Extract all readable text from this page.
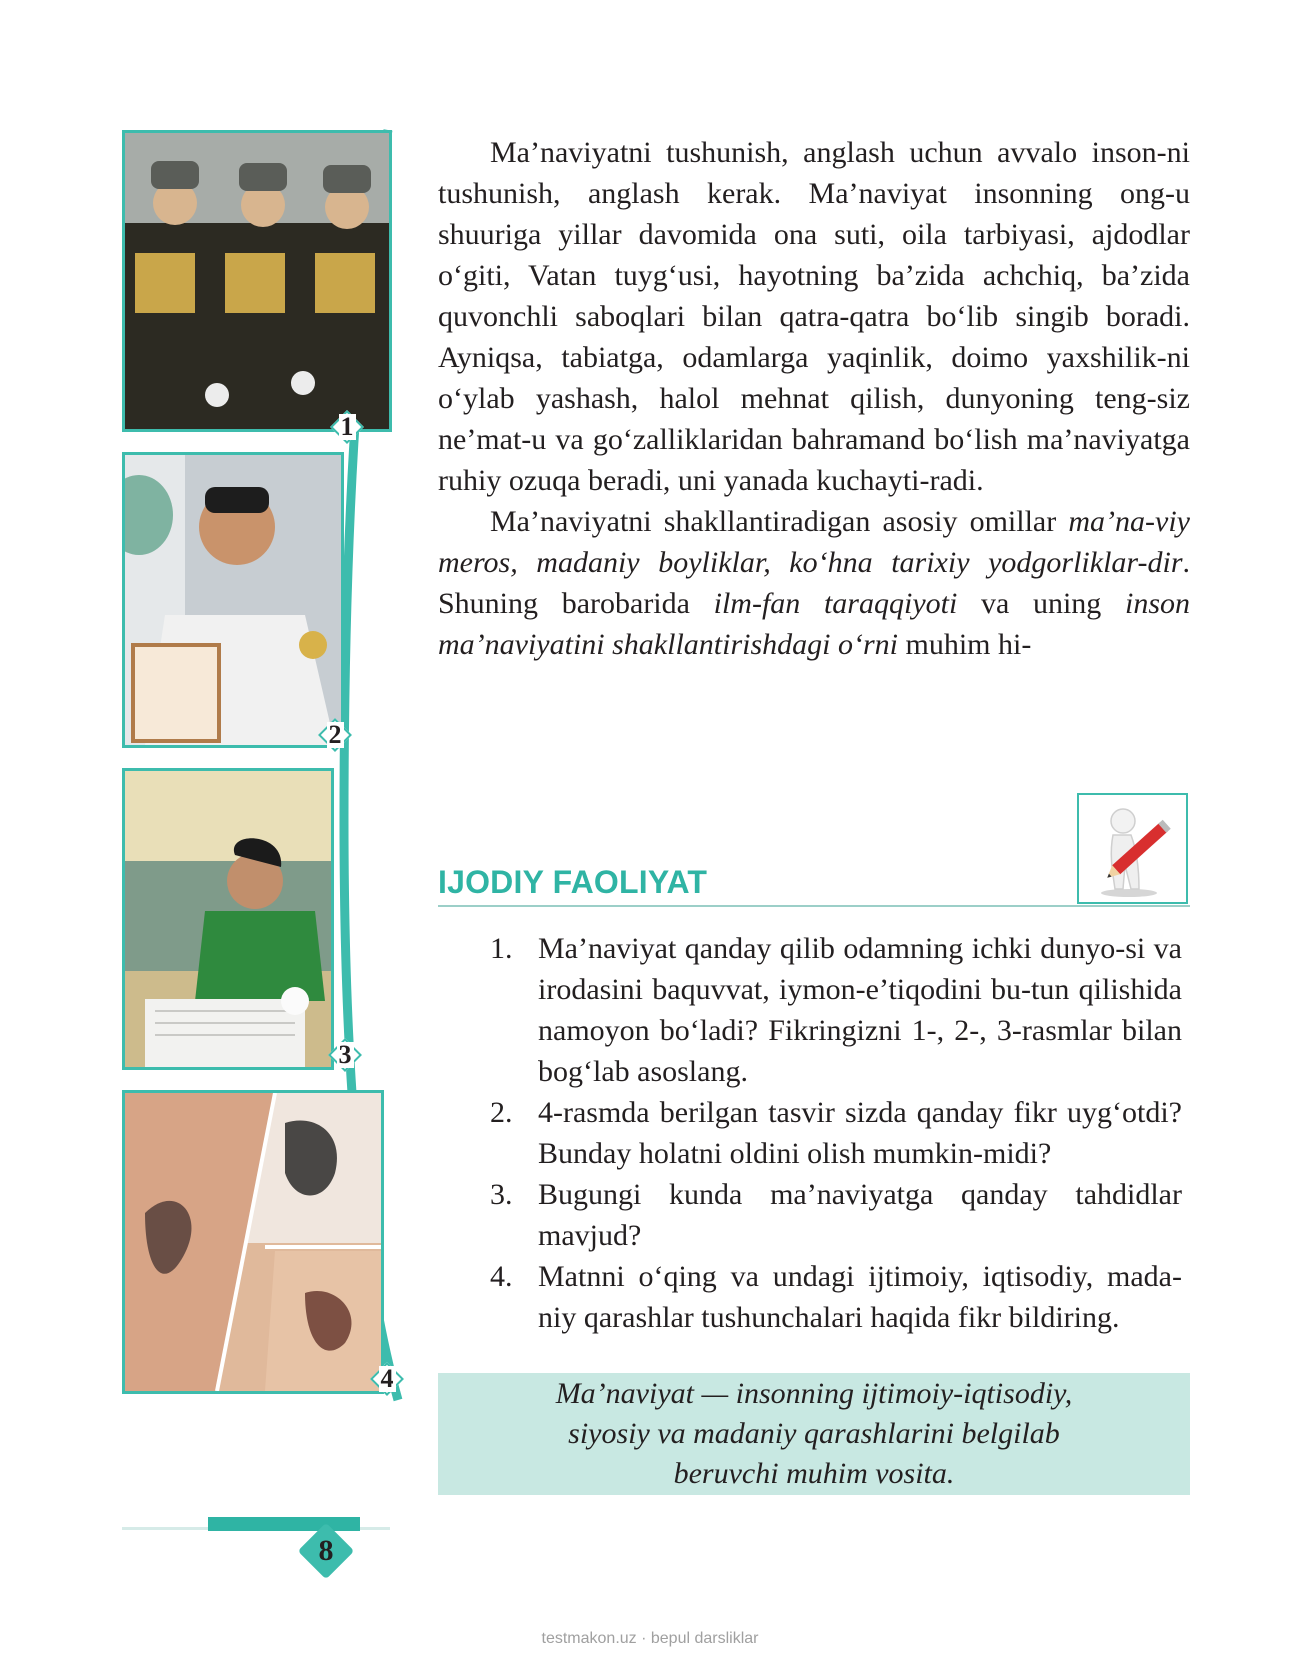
1
2
3
4

Ma’naviyatni tushunish, anglash uchun avvalo inson-ni tushunish, anglash kerak. Ma’naviyat insonning ong-u shuuriga yillar davomida ona suti, oila tarbiyasi, ajdodlar o‘giti, Vatan tuyg‘usi, hayotning ba’zida achchiq, ba’zida quvonchli saboqlari bilan qatra-qatra bo‘lib singib boradi. Ayniqsa, tabiatga, odamlarga yaqinlik, doimo yaxshilik-ni o‘ylab yashash, halol mehnat qilish, dunyoning teng-siz ne’mat-u va go‘zalliklaridan bahramand bo‘lish ma’naviyatga ruhiy ozuqa beradi, uni yanada kuchayti-radi.

Ma’naviyatni shakllantiradigan asosiy omillar ma’na-viy meros, madaniy boyliklar, ko‘hna tarixiy yodgorliklar-dir. Shuning barobarida ilm-fan taraqqiyoti va uning inson ma’naviyatini shakllantirishdagi o‘rni muhim hi-

IJODIY FAOLIYAT
1. Ma’naviyat qanday qilib odamning ichki dunyo-si va irodasini baquvvat, iymon-e’tiqodini bu-tun qilishida namoyon bo‘ladi? Fikringizni 1-, 2-, 3-rasmlar bilan bog‘lab asoslang.
2. 4-rasmda berilgan tasvir sizda qanday fikr uyg‘otdi? Bunday holatni oldini olish mumkin-midi?
3. Bugungi kunda ma’naviyatga qanday tahdidlar mavjud?
4. Matnni o‘qing va undagi ijtimoiy, iqtisodiy, mada-niy qarashlar tushunchalari haqida fikr bildiring.
Ma’naviyat — insonning ijtimoiy-iqtisodiy, siyosiy va madaniy qarashlarini belgilab beruvchi muhim vosita.
8
testmakon.uz · bepul darsliklar
